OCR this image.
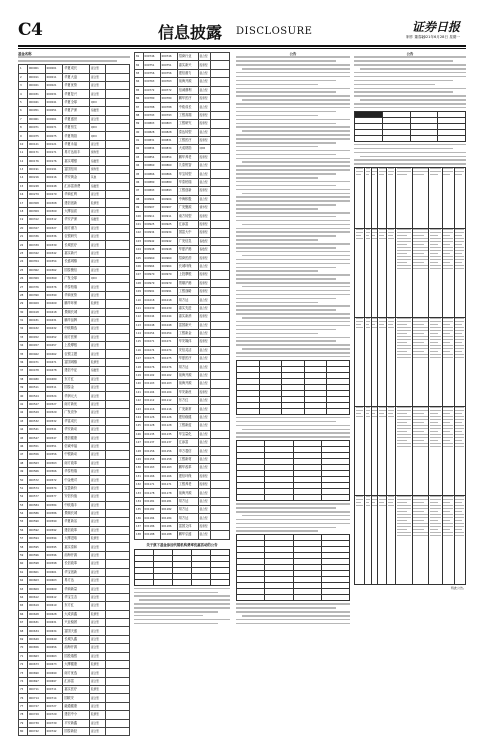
C4	信息披露 DISCLOSURE	证券日报
制作 董春云
2021年6月28日 星期一
基金名称
1	000001	000001	华夏成长	混合型	
2	000011	000011	华夏大盘	混合型	
3	000021	000021	华夏优势	混合型	
4	000031	000031	华夏复兴	混合型	
5	000041	000041	华夏全球	QDII	
6	000051	000051	华夏沪深	指数型	
7	000061	000061	华夏盛世	混合型	
8	000071	000071	华夏恒生	QDII	
9	000075	000075	华夏纳指	QDII	
10	000121	000121	华夏永福	混合型	
11	000171	000171	易方达裕丰	债券型	
12	000176	000176	嘉实增强	指数型	
13	000191	000191	富国信用	债券型	
14	000216	000216	华安黄金	其他	
15	000248	000248	汇添富消费	指数型	
16	000279	000279	华商红利	混合型	
17	000308	000308	建信创新	股票型	
18	000309	000309	大摩品质	混合型	
19	000312	000312	华安沪深	指数型	
20	000327	000327	南方潜力	混合型	
21	000336	000336	农银研究	混合型	
22	000339	000339	长城医疗	混合型	
23	000342	000342	嘉实新兴	混合型	
24	000354	000354	长盛城镇	混合型	
25	000362	000362	国泰聚信	混合型	
26	000369	000369	广发全球	QDII	
27	000376	000376	华泰柏瑞	混合型	
28	000390	000390	华商优势	混合型	
29	000409	000409	鹏华环保	股票型	
30	000418	000418	景顺长城	混合型	
31	000431	000431	鹏华品牌	混合型	
32	000432	000432	中欧精选	混合型	
33	000452	000452	南方医保	混合型	
34	000457	000457	上投摩根	混合型	
35	000462	000462	农银主题	混合型	
36	000471	000471	富国城镇	股票型	
37	000478	000478	建信中证	指数型	
38	000480	000480	东方红	混合型	
39	000511	000511	国泰金	混合型	
40	000524	000524	华润元大	混合型	
41	000527	000527	南方新优	混合型	
42	000529	000529	广发竞争	混合型	
43	000532	000532	华富成长	混合型	
44	000541	000541	华安新动	混合型	
45	000547	000547	建信健康	混合型	
46	000551	000551	信诚幸福	混合型	
47	000556	000556	中银新动	混合型	
48	000563	000563	南方改革	混合型	
49	000566	000566	华泰柏瑞	混合型	
50	000572	000572	中金绝对	混合型	
51	000574	000574	宝盈新价	混合型	
52	000577	000577	安信价值	混合型	
53	000584	000584	中欧瑞丰	混合型	
54	000586	000586	景顺长城	混合型	
55	000590	000590	华夏新活	混合型	
56	000592	000592	建信改革	混合型	
57	000594	000594	大摩进取	股票型	
58	000595	000595	嘉实泰和	混合型	
59	000596	000596	前海开源	混合型	
60	000598	000598	长信改革	混合型	
61	000601	000601	华宝创新	混合型	
62	000603	000603	易方达	混合型	
63	000609	000609	华商新量	混合型	
64	000612	000612	华宝生态	混合型	
65	000619	000619	东方红	混合型	
66	000628	000628	大成高鑫	股票型	
67	000631	000631	兴业稳固	混合型	
68	000634	000634	富国天盛	混合型	
69	000649	000649	长城久鑫	混合型	
70	000656	000656	前海开源	混合型	
71	000663	000663	国投瑞银	混合型	
72	000673	000673	大摩健康	股票型	
73	000690	000690	南方优选	混合型	
74	000697	000697	汇添富	混合型	
75	000711	000711	嘉实医疗	股票型	
76	000714	000714	国联安	混合型	
77	000727	000727	融通健康	混合型	
78	000729	000729	建信中小	股票型	
79	000739	000739	平安新鑫	混合型	
80	000742	000742	国泰新经	混合型	
81	000746	000746	招商行业	混合型	
82	000751	000751	嘉实新兴	股票型	
83	000756	000756	建信潜力	混合型	
84	000763	000763	前海开源	混合型	
85	000772	000772	信诚鼎利	混合型	
86	000780	000780	鹏华医疗	股票型	
87	000788	000788	中欧成长	混合型	
88	000793	000793	工银高端	股票型	
89	000803	000803	工银研究	股票型	
90	000828	000828	泰达转型	混合型	
91	000831	000831	工银医疗	股票型	
92	000834	000834	大成纳指	QDII	
93	000854	000854	鹏华养老	股票型	
94	000860	000860	九泰锐智	混合型	
95	000866	000866	华宝转型	混合型	
96	000880	000880	华泰柏瑞	混合型	
97	000893	000893	工银创新	股票型	
98	000904	000904	中海积极	混合型	
99	000907	000907	广发聚源	债券型	
100	000911	000911	南方转型	股票型	
101	000925	000925	汇添富	股票型	
102	000934	000934	国富大中	股票型	
103	000942	000942	广发信息	指数型	
104	000948	000948	华夏沪港	指数型	
105	000960	000960	招商医药	股票型	
106	000964	000964	长城环保	混合型	
107	000970	000970	上投摩根	股票型	
108	000979	000979	景顺沪港	股票型	
109	000991	000991	工银战略	股票型	
110	001018	001018	易方达	混合型	
111	001039	001039	嘉实先进	混合型	
112	001044	001044	嘉实新消	股票型	
113	001048	001048	富国新兴	混合型	
114	001054	001054	工银新金	混合型	
115	001071	001071	华安媒体	股票型	
116	001074	001074	安信灵活	混合型	
117	001075	001075	华夏医疗	混合型	
118	001076	001076	易方达	混合型	
119	001102	001102	前海开源	混合型	
120	001103	001103	前海开源	混合型	
121	001104	001104	华安新丝	股票型	
122	001112	001112	东方红	混合型	
123	001116	001116	广发新常	混合型	
124	001126	001126	建信稳健	混合型	
125	001128	001128	工银新蓝	混合型	
126	001135	001135	华宝量化	混合型	
127	001137	001137	汇添富	混合型	
128	001156	001156	申万菱信	混合型	
129	001158	001158	工银新材	混合型	
130	001163	001163	鹏华改革	混合型	
131	001166	001166	建信环保	股票型	
132	001171	001171	工银养老	股票型	
133	001178	001178	前海开源	混合型	
134	001181	001181	易方达	混合型	
135	001182	001182	易方达	混合型	
136	001184	001184	易方达	混合型	
137	001186	001186	富国文体	股票型	
138	001188	001188	鹏华弘盛	混合型	
关于旗下基金参加代销机构费率优惠活动的公告

公告

				公告

特此公告。
